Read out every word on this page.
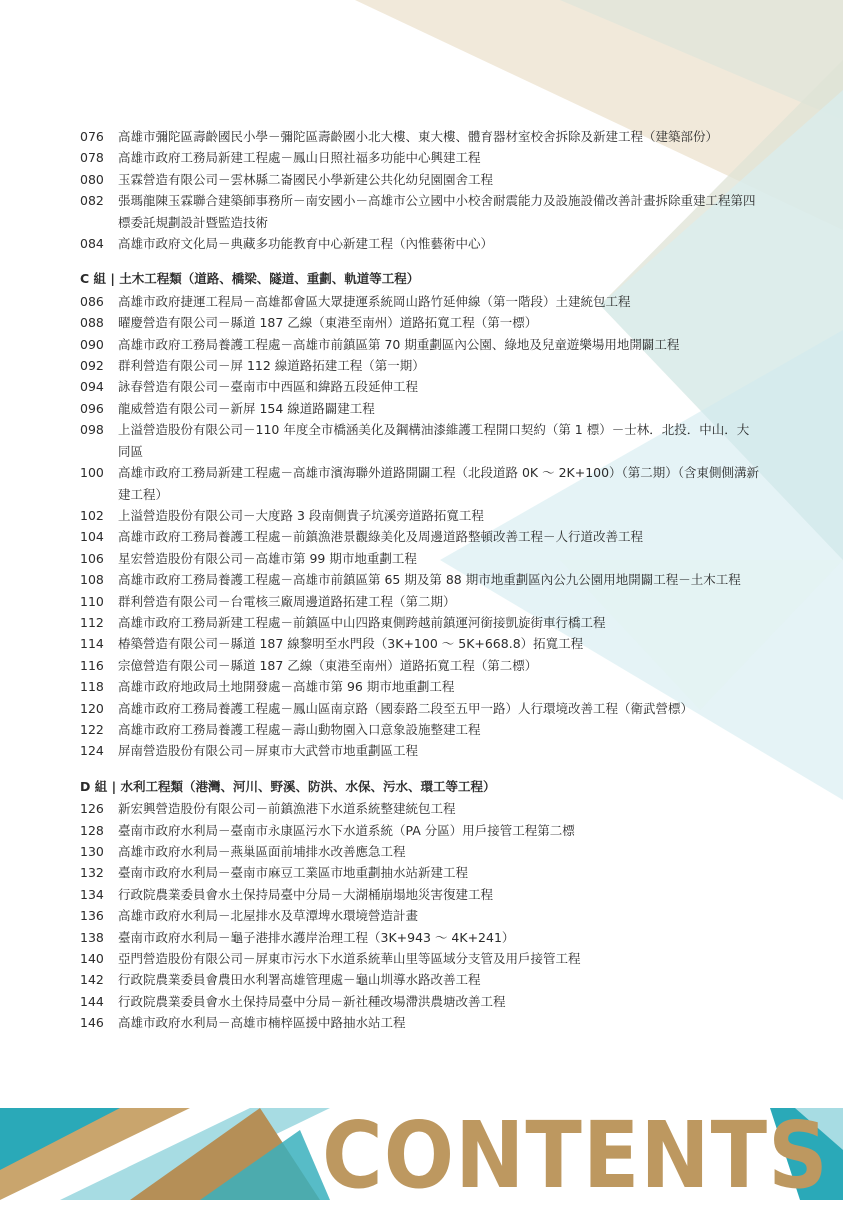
076	高雄市彌陀區壽齡國民小學－彌陀區壽齡國小北大樓、東大樓、體育器材室校舍拆除及新建工程（建築部份）
078	高雄市政府工務局新建工程處－鳳山日照社福多功能中心興建工程
080	玉霖營造有限公司－雲林縣二崙國民小學新建公共化幼兒園園舍工程
082	張瑪龍陳玉霖聯合建築師事務所－南安國小－高雄市公立國中小校舍耐震能力及設施設備改善計畫拆除重建工程第四標委託規劃設計暨監造技術
084	高雄市政府文化局－典藏多功能教育中心新建工程（內惟藝術中心）
C 組 | 土木工程類（道路、橋梁、隧道、重劃、軌道等工程）
086	高雄市政府捷運工程局－高雄都會區大眾捷運系統岡山路竹延伸線（第一階段）土建統包工程
088	曜慶營造有限公司－縣道 187 乙線（東港至南州）道路拓寬工程（第一標）
090	高雄市政府工務局養護工程處－高雄市前鎮區第 70 期重劃區內公園、綠地及兒童遊樂場用地開闢工程
092	群利營造有限公司－屏 112 線道路拓建工程（第一期）
094	詠春營造有限公司－臺南市中西區和緯路五段延伸工程
096	龍威營造有限公司－新屏 154 線道路闢建工程
098	上溢營造股份有限公司－110 年度全市橋涵美化及鋼構油漆維護工程開口契約（第 1 標）－士林．北投．中山．大同區
100	高雄市政府工務局新建工程處－高雄市濱海聯外道路開闢工程（北段道路 0K ～ 2K+100）（第二期）（含東側側溝新建工程）
102	上溢營造股份有限公司－大度路 3 段南側貴子坑溪旁道路拓寬工程
104	高雄市政府工務局養護工程處－前鎮漁港景觀綠美化及周邊道路整頓改善工程－人行道改善工程
106	星宏營造股份有限公司－高雄市第 99 期市地重劃工程
108	高雄市政府工務局養護工程處－高雄市前鎮區第 65 期及第 88 期市地重劃區內公九公園用地開闢工程－土木工程
110	群利營造有限公司－台電核三廠周邊道路拓建工程（第二期）
112	高雄市政府工務局新建工程處－前鎮區中山四路東側跨越前鎮運河銜接凱旋街車行橋工程
114	椿築營造有限公司－縣道 187 線黎明至水門段（3K+100 ～ 5K+668.8）拓寬工程
116	宗億營造有限公司－縣道 187 乙線（東港至南州）道路拓寬工程（第二標）
118	高雄市政府地政局土地開發處－高雄市第 96 期市地重劃工程
120	高雄市政府工務局養護工程處－鳳山區南京路（國泰路二段至五甲一路）人行環境改善工程（衛武營標）
122	高雄市政府工務局養護工程處－壽山動物園入口意象設施整建工程
124	屏南營造股份有限公司－屏東市大武營市地重劃區工程
D 組 | 水利工程類（港灣、河川、野溪、防洪、水保、污水、環工等工程）
126	新宏興營造股份有限公司－前鎮漁港下水道系統整建統包工程
128	臺南市政府水利局－臺南市永康區污水下水道系統（PA 分區）用戶接管工程第二標
130	高雄市政府水利局－燕巢區面前埔排水改善應急工程
132	臺南市政府水利局－臺南市麻豆工業區市地重劃抽水站新建工程
134	行政院農業委員會水土保持局臺中分局－大湖桶崩塌地災害復建工程
136	高雄市政府水利局－北屋排水及草潭埤水環境營造計畫
138	臺南市政府水利局－龜子港排水護岸治理工程（3K+943 ～ 4K+241）
140	亞門營造股份有限公司－屏東市污水下水道系統華山里等區域分支管及用戶接管工程
142	行政院農業委員會農田水利署高雄管理處－龜山圳導水路改善工程
144	行政院農業委員會水土保持局臺中分局－新社種改場滯洪農塘改善工程
146	高雄市政府水利局－高雄市楠梓區援中路抽水站工程
CONTENTS
